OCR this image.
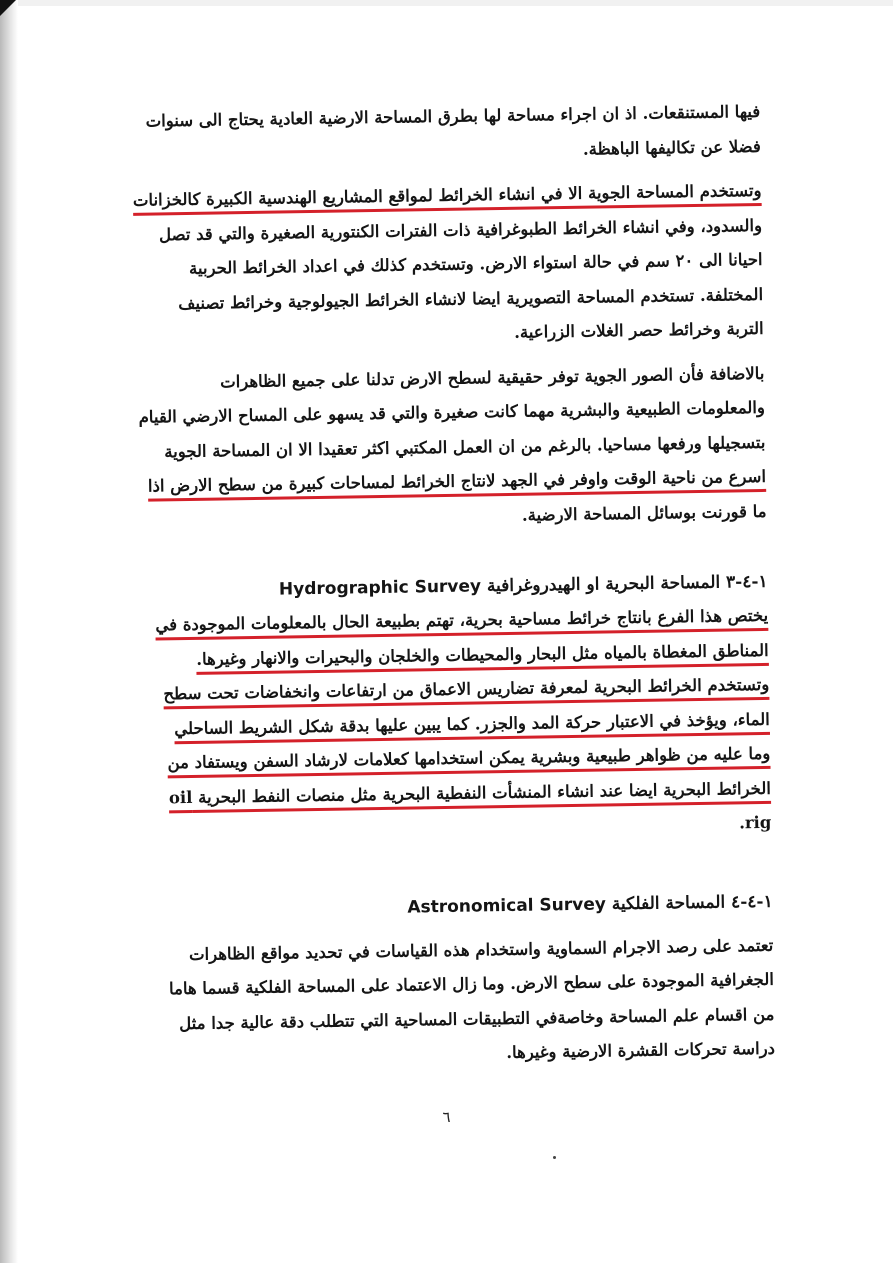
فيها المستنقعات. اذ ان اجراء مساحة لها بطرق المساحة الارضية العادية يحتاج الى سنوات

فضلا عن تكاليفها الباهظة.

وتستخدم المساحة الجوية الا في انشاء الخرائط لمواقع المشاريع الهندسية الكبيرة كالخزانات

والسدود، وفي انشاء الخرائط الطبوغرافية ذات الفترات الكنتورية الصغيرة والتي قد تصل

احيانا الى ٢٠ سم في حالة استواء الارض. وتستخدم كذلك في اعداد الخرائط الحربية

المختلفة. تستخدم المساحة التصويرية ايضا لانشاء الخرائط الجيولوجية وخرائط تصنيف

التربة وخرائط حصر الغلات الزراعية.

بالاضافة فأن الصور الجوية توفر حقيقية لسطح الارض تدلنا على جميع الظاهرات

والمعلومات الطبيعية والبشرية مهما كانت صغيرة والتي قد يسهو على المساح الارضي القيام

بتسجيلها ورفعها مساحيا. بالرغم من ان العمل المكتبي اكثر تعقيدا الا ان المساحة الجوية

اسرع من ناحية الوقت واوفر في الجهد لانتاج الخرائط لمساحات كبيرة من سطح الارض اذا

ما قورنت بوسائل المساحة الارضية.

١-٤-٣ المساحة البحرية او الهيدروغرافية Hydrographic Survey

يختص هذا الفرع بانتاج خرائط مساحية بحرية، تهتم بطبيعة الحال بالمعلومات الموجودة في

المناطق المغطاة بالمياه مثل البحار والمحيطات والخلجان والبحيرات والانهار وغيرها.

وتستخدم الخرائط البحرية لمعرفة تضاريس الاعماق من ارتفاعات وانخفاضات تحت سطح

الماء، ويؤخذ في الاعتبار حركة المد والجزر. كما يبين عليها بدقة شكل الشريط الساحلي

وما عليه من ظواهر طبيعية وبشرية يمكن استخدامها كعلامات لارشاد السفن ويستفاد من

الخرائط البحرية ايضا عند انشاء المنشأت النفطية البحرية مثل منصات النفط البحرية oil

rig.

١-٤-٤ المساحة الفلكية Astronomical Survey

تعتمد على رصد الاجرام السماوية واستخدام هذه القياسات في تحديد مواقع الظاهرات

الجغرافية الموجودة على سطح الارض. وما زال الاعتماد على المساحة الفلكية قسما هاما

من اقسام علم المساحة وخاصةفي التطبيقات المساحية التي تتطلب دقة عالية جدا مثل

دراسة تحركات القشرة الارضية وغيرها.

٦
